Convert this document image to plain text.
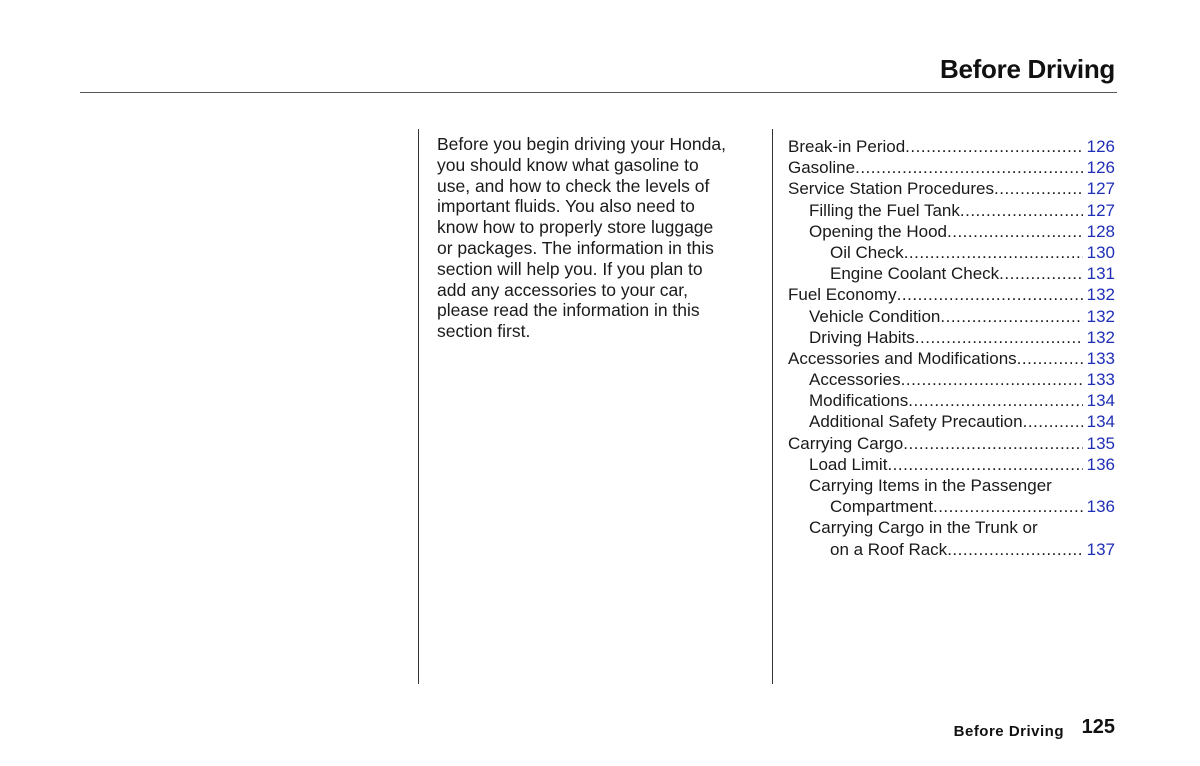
Before Driving
Before you begin driving your Honda,
you should know what gasoline to
use, and how to check the levels of
important fluids. You also need to
know how to properly store luggage
or packages. The information in this
section will help you. If you plan to
add any accessories to your car,
please read the information in this
section first.
Break-in Period .....	126
Gasoline .....	126
Service Station Procedures .....	127
Filling the Fuel Tank .....	127
Opening the Hood .....	128
Oil Check .....	130
Engine Coolant Check .....	131
Fuel Economy .....	132
Vehicle Condition .....	132
Driving Habits .....	132
Accessories and Modifications .....	133
Accessories .....	133
Modifications .....	134
Additional Safety Precaution .....	134
Carrying Cargo .....	135
Load Limit .....	136
Carrying Items in the Passenger
Compartment .....	136
Carrying Cargo in the Trunk or
on a Roof Rack .....	137
Before Driving 125
